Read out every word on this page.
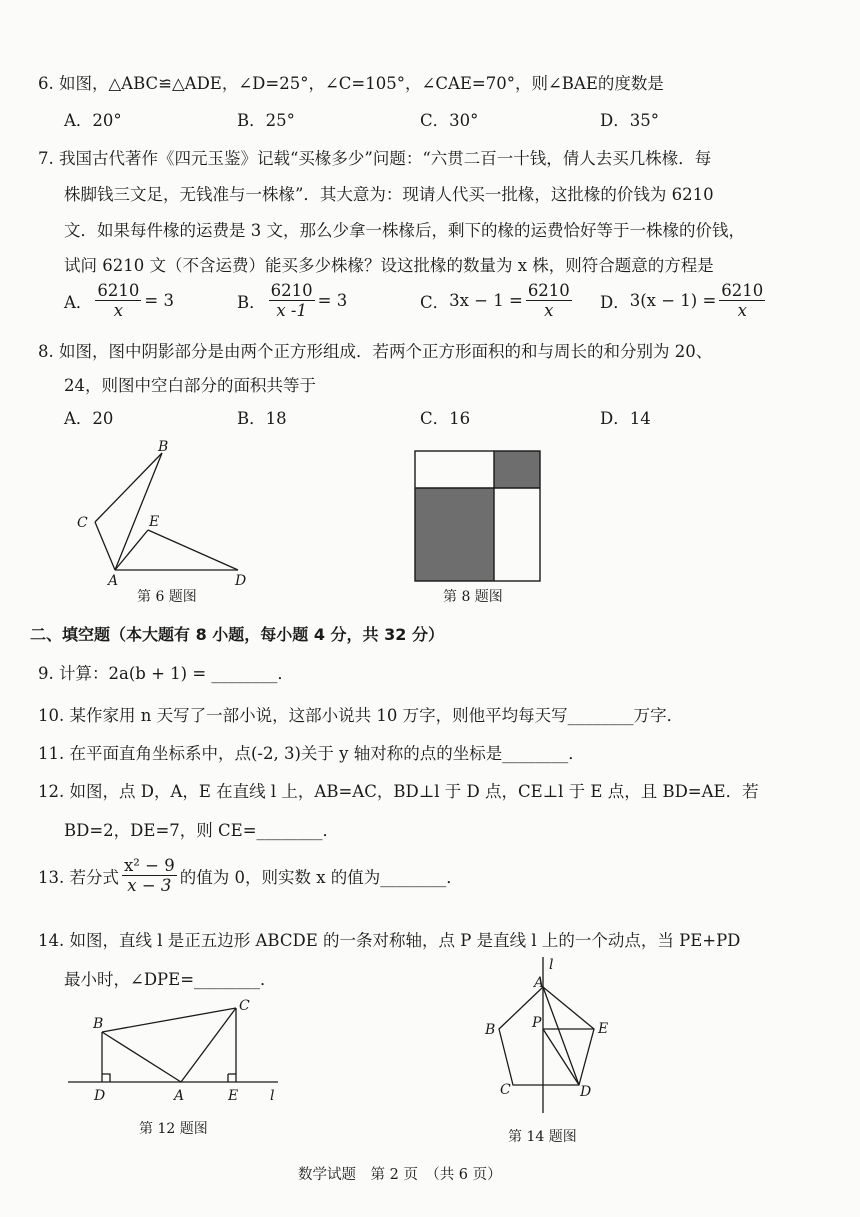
6. 如图，△ABC≌△ADE，∠D=25°，∠C=105°，∠CAE=70°，则∠BAE的度数是
A．20°	B．25°	C．30°	D．35°
7. 我国古代著作《四元玉鉴》记载“买椽多少”问题：“六贯二百一十钱，倩人去买几株椽．每
株脚钱三文足，无钱准与一株椽”．其大意为：现请人代买一批椽，这批椽的价钱为 6210
文．如果每件椽的运费是 3 文，那么少拿一株椽后，剩下的椽的运费恰好等于一株椽的价钱，
试问 6210 文（不含运费）能买多少株椽？设这批椽的数量为 x 株，则符合题意的方程是
A． $\frac{6210}{x} = 3$	B． $\frac{6210}{x -1} = 3$	C． $3x - 1 = \frac{6210}{x}$ D． $3(x - 1) = \frac{6210}{x}$
8. 如图，图中阴影部分是由两个正方形组成．若两个正方形面积的和与周长的和分别为 20、
24，则图中空白部分的面积共等于
A．20	B．18	C．16	D．14
B
C	E
A	D
第 6 题图	第 8 题图
二、填空题（本大题有 8 小题，每小题 4 分，共 32 分）
9. 计算：2a(b + 1) = ________．
10. 某作家用 n 天写了一部小说，这部小说共 10 万字，则他平均每天写________万字．
11. 在平面直角坐标系中，点(-2, 3)关于 y 轴对称的点的坐标是________．
12. 如图，点 D，A，E 在直线 l 上，AB=AC，BD⊥l 于 D 点，CE⊥l 于 E 点，且 BD=AE．若
BD=2，DE=7，则 CE=________．
13. 若分式
x² − 9
x − 3 的值为 0，则实数 x 的值为________．
14. 如图，直线 l 是正五边形 ABCDE 的一条对称轴，点 P 是直线 l 上的一个动点，当 PE+PD
最小时，∠DPE=________．
B
C
D	A	E l
第 12 题图
l
A
B	P	E
C	D
第 14 题图
数学试题　第 2 页　（共 6 页）
